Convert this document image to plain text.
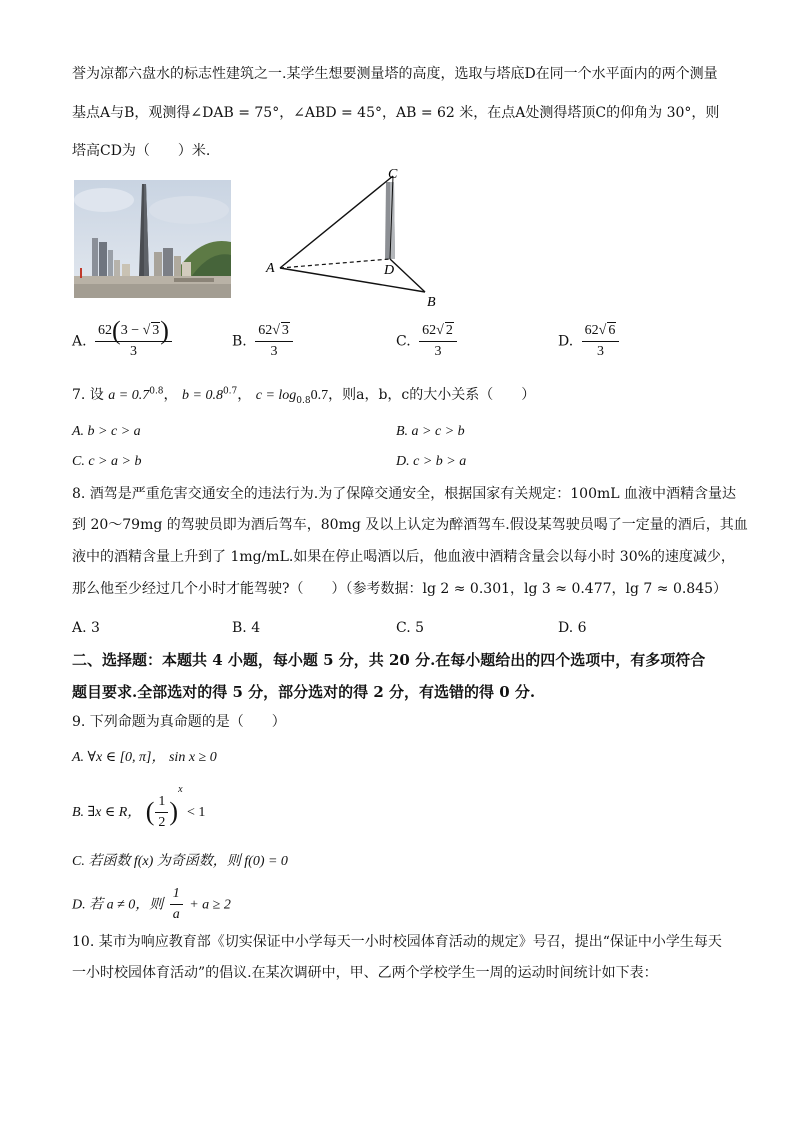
誉为凉都六盘水的标志性建筑之一.某学生想要测量塔的高度，选取与塔底D在同一个水平面内的两个测量
基点A与B，观测得∠DAB = 75°，∠ABD = 45°，AB = 62 米，在点A处测得塔顶C的仰角为 30°，则
塔高CD为（　　）米.
C
A	D
B
A. $\frac{62(3 - √ 3)}{3}$	B. $\frac{62√ 3}{3}$	C. $\frac{62√ 2}{3}$	D. $\frac{62√ 6}{3}$
7. 设 $a = 0.7^{0.8}$， $b = 0.8^{0.7}$， $c = \log_{0.8}0.7$，则a，b，c的大小关系（　　）
A. b > c > a	B. a > c > b
C. c > a > b	D. c > b > a
8. 酒驾是严重危害交通安全的违法行为.为了保障交通安全，根据国家有关规定：100mL 血液中酒精含量达
到 20～79mg 的驾驶员即为酒后驾车，80mg 及以上认定为醉酒驾车.假设某驾驶员喝了一定量的酒后，其血
液中的酒精含量上升到了 1mg/mL.如果在停止喝酒以后，他血液中酒精含量会以每小时 30%的速度减少，
那么他至少经过几个小时才能驾驶?（　　）（参考数据：lg 2 ≈ 0.301，lg 3 ≈ 0.477，lg 7 ≈ 0.845）
A. 3	B. 4	C. 5	D. 6
二、选择题：本题共 4 小题，每小题 5 分，共 20 分.在每小题给出的四个选项中，有多项符合
题目要求.全部选对的得 5 分，部分选对的得 2 分，有选错的得 0 分.
9. 下列命题为真命题的是（　　）
A. ∀x ∈ [0, π]， sin x ≥ 0
B. ∃x ∈ R， ( $\frac{1}{2} )^x < 1$
C. 若函数 f(x) 为奇函数，则 f(0) = 0
D. 若 a ≠ 0，则 $\frac{1}{a} + a \ge 2$
10. 某市为响应教育部《切实保证中小学每天一小时校园体育活动的规定》号召，提出“保证中小学生每天
一小时校园体育活动”的倡议.在某次调研中，甲、乙两个学校学生一周的运动时间统计如下表：
